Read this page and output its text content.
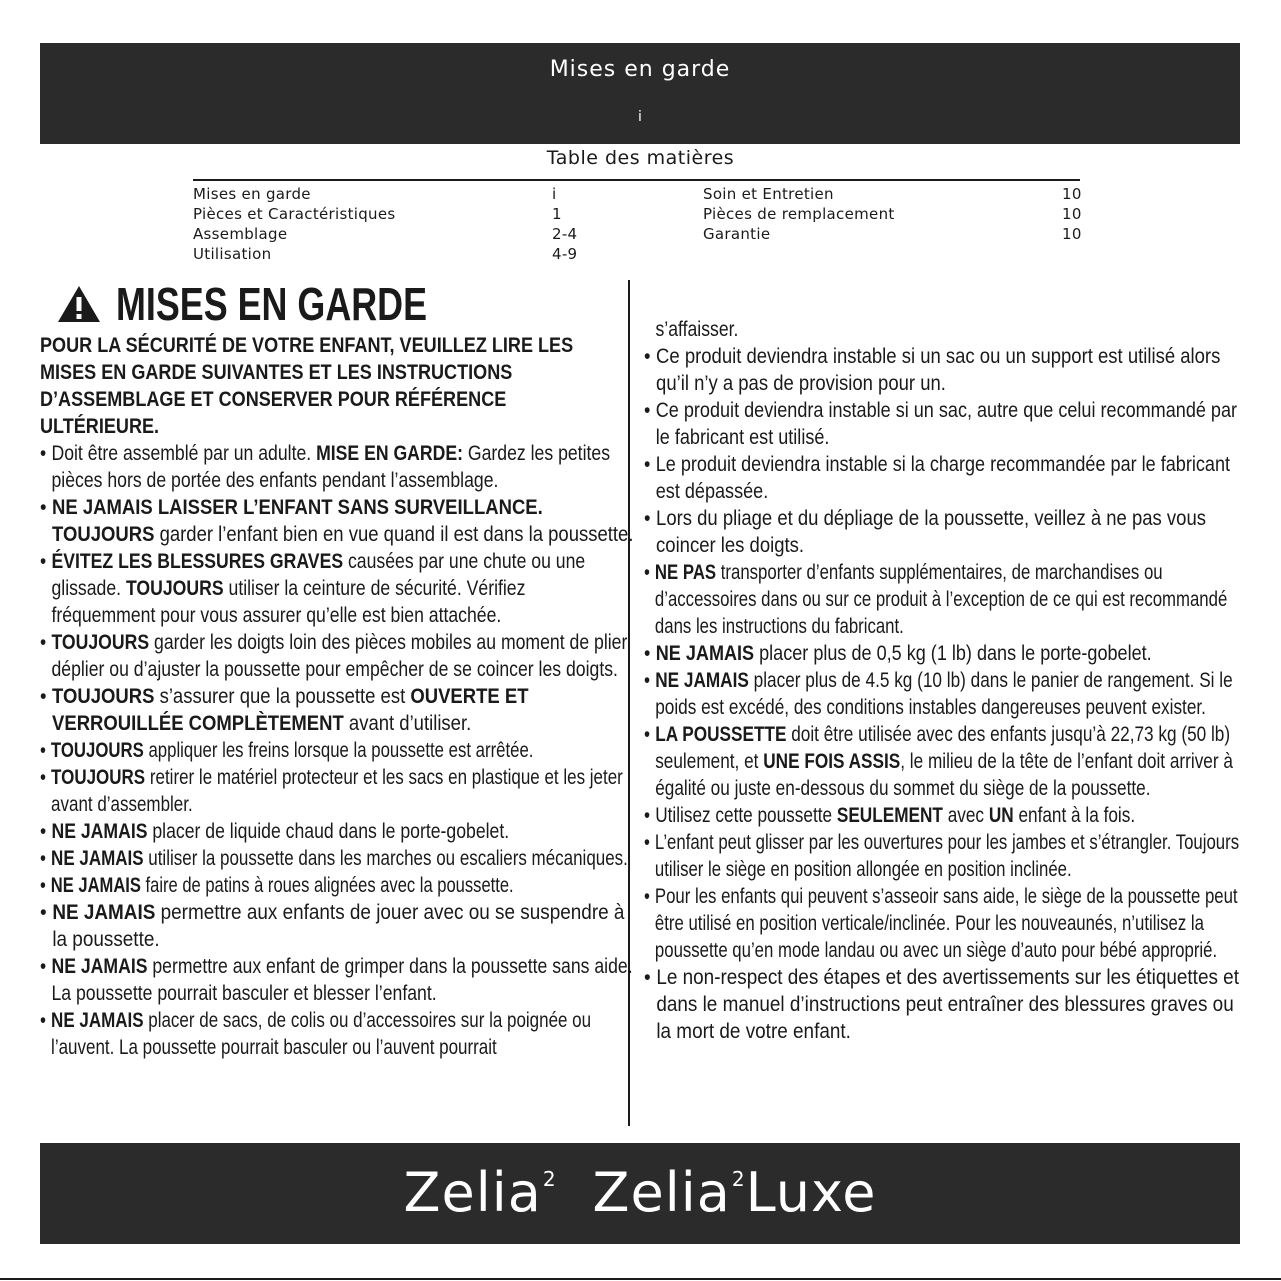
Mises en garde
i
Table des matières
Mises en garde	i
Pièces et Caractéristiques	1
Assemblage	2-4
Utilisation	4-9
Soin et Entretien	10
Pièces de remplacement	10
Garantie	10
MISES EN GARDE
POUR LA SÉCURITÉ DE VOTRE ENFANT, VEUILLEZ LIRE LES MISES EN GARDE SUIVANTES ET LES INSTRUCTIONS D’ASSEMBLAGE ET CONSERVER POUR RÉFÉRENCE ULTÉRIEURE.
• Doit être assemblé par un adulte. MISE EN GARDE: Gardez les petites pièces hors de portée des enfants pendant l’assemblage.
• NE JAMAIS LAISSER L’ENFANT SANS SURVEILLANCE. TOUJOURS garder l’enfant bien en vue quand il est dans la poussette.
• ÉVITEZ LES BLESSURES GRAVES causées par une chute ou une glissade. TOUJOURS utiliser la ceinture de sécurité. Vérifiez fréquemment pour vous assurer qu’elle est bien attachée.
• TOUJOURS garder les doigts loin des pièces mobiles au moment de plier, déplier ou d’ajuster la poussette pour empêcher de se coincer les doigts.
• TOUJOURS s’assurer que la poussette est OUVERTE ET VERROUILLÉE COMPLÈTEMENT avant d’utiliser.
• TOUJOURS appliquer les freins lorsque la poussette est arrêtée.
• TOUJOURS retirer le matériel protecteur et les sacs en plastique et les jeter avant d’assembler.
• NE JAMAIS placer de liquide chaud dans le porte-gobelet.
• NE JAMAIS utiliser la poussette dans les marches ou escaliers mécaniques.
• NE JAMAIS faire de patins à roues alignées avec la poussette.
• NE JAMAIS permettre aux enfants de jouer avec ou se suspendre à la poussette.
• NE JAMAIS permettre aux enfant de grimper dans la poussette sans aide. La poussette pourrait basculer et blesser l’enfant.
• NE JAMAIS placer de sacs, de colis ou d’accessoires sur la poignée ou l’auvent. La poussette pourrait basculer ou l’auvent pourrait
s’affaisser.
• Ce produit deviendra instable si un sac ou un support est utilisé alors qu’il n’y a pas de provision pour un.
• Ce produit deviendra instable si un sac, autre que celui recommandé par le fabricant est utilisé.
• Le produit deviendra instable si la charge recommandée par le fabricant est dépassée.
• Lors du pliage et du dépliage de la poussette, veillez à ne pas vous coincer les doigts.
• NE PAS transporter d’enfants supplémentaires, de marchandises ou d’accessoires dans ou sur ce produit à l’exception de ce qui est recommandé dans les instructions du fabricant.
• NE JAMAIS placer plus de 0,5 kg (1 lb) dans le porte-gobelet.
• NE JAMAIS placer plus de 4.5 kg (10 lb) dans le panier de rangement. Si le poids est excédé, des conditions instables dangereuses peuvent exister.
• LA POUSSETTE doit être utilisée avec des enfants jusqu’à 22,73 kg (50 lb) seulement, et UNE FOIS ASSIS, le milieu de la tête de l’enfant doit arriver à égalité ou juste en-dessous du sommet du siège de la poussette.
• Utilisez cette poussette SEULEMENT avec UN enfant à la fois.
• L’enfant peut glisser par les ouvertures pour les jambes et s’étrangler. Toujours utiliser le siège en position allongée en position inclinée.
• Pour les enfants qui peuvent s’asseoir sans aide, le siège de la poussette peut être utilisé en position verticale/inclinée. Pour les nouveaunés, n’utilisez la poussette qu’en mode landau ou avec un siège d’auto pour bébé approprié.
• Le non-respect des étapes et des avertissements sur les étiquettes et dans le manuel d’instructions peut entraîner des blessures graves ou la mort de votre enfant.
Zelia$^2$ Zelia$^2$Luxe
